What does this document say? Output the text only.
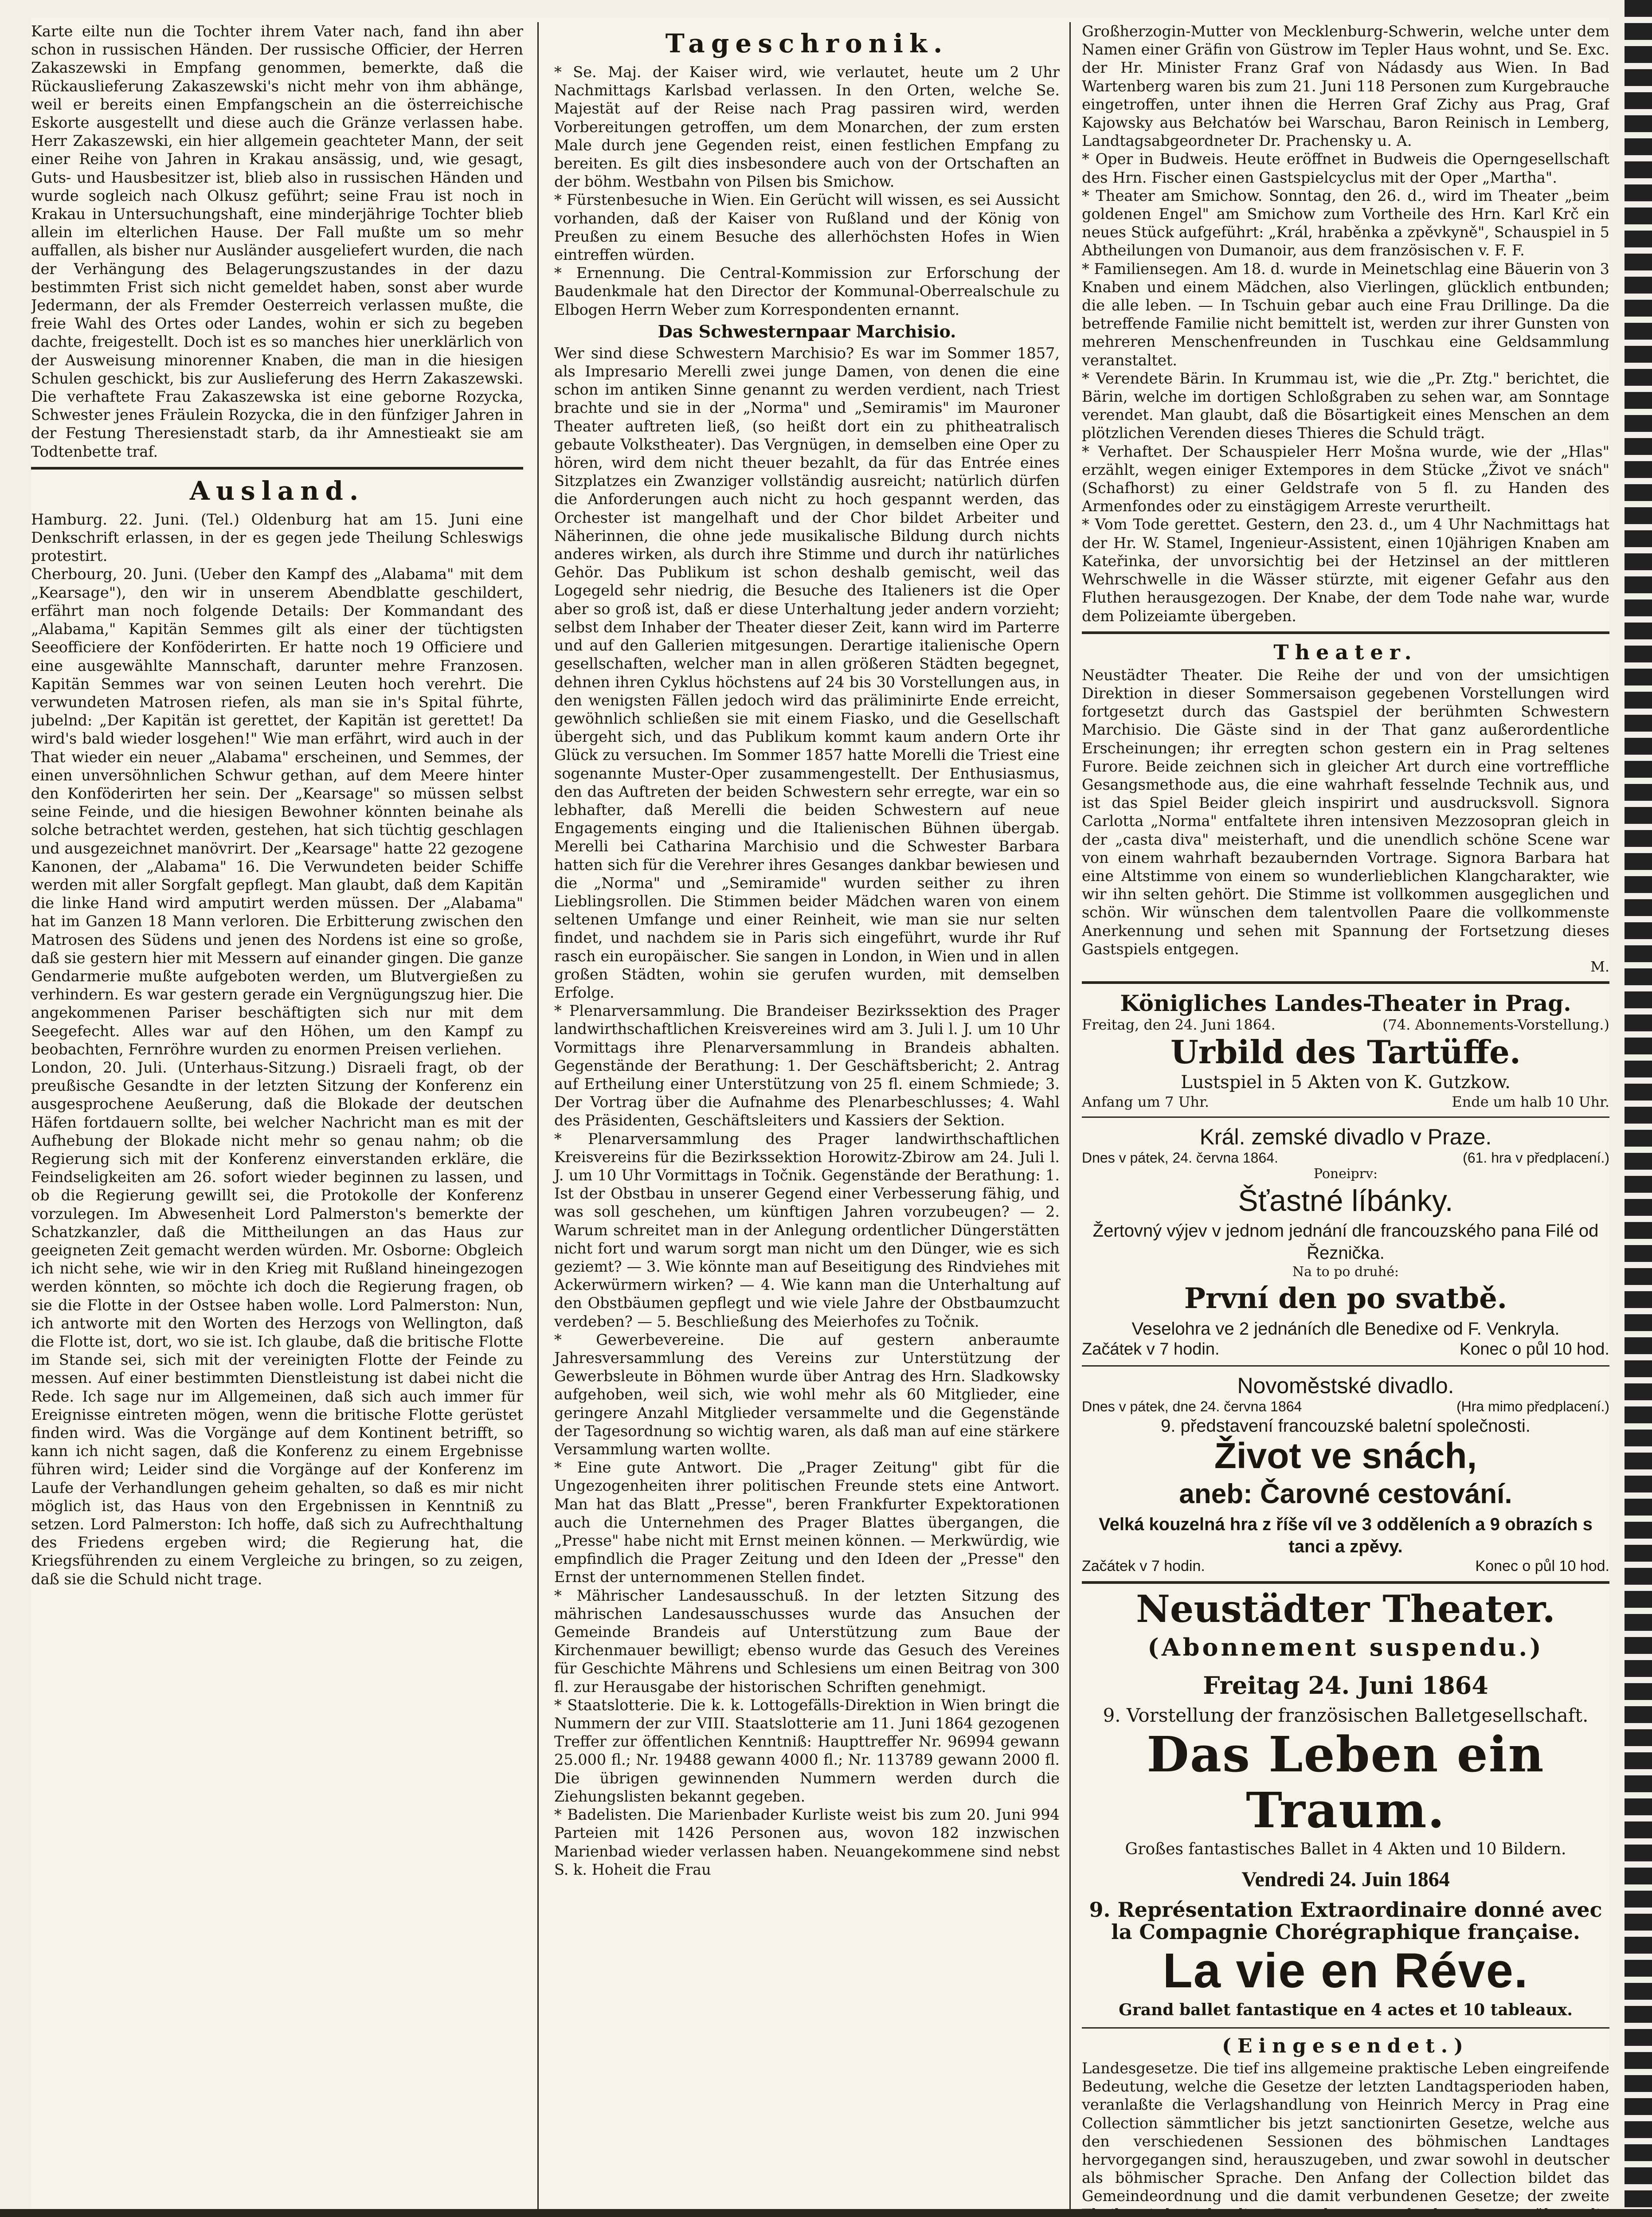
Karte eilte nun die Tochter ihrem Vater nach, fand ihn aber schon in russischen Händen. Der russische Officier, der Herren Zakaszewski in Empfang genommen, bemerkte, daß die Rückauslieferung Zakaszewski's nicht mehr von ihm abhänge, weil er bereits einen Empfangschein an die österreichische Eskorte ausgestellt und diese auch die Gränze verlassen habe. Herr Zakaszewski, ein hier allgemein geachteter Mann, der seit einer Reihe von Jahren in Krakau ansässig, und, wie gesagt, Guts- und Hausbesitzer ist, blieb also in russischen Händen und wurde sogleich nach Olkusz geführt; seine Frau ist noch in Krakau in Untersuchungshaft, eine minderjährige Tochter blieb allein im elterlichen Hause. Der Fall mußte um so mehr auffallen, als bisher nur Ausländer ausgeliefert wurden, die nach der Verhängung des Belagerungszustandes in der dazu bestimmten Frist sich nicht gemeldet haben, sonst aber wurde Jedermann, der als Fremder Oesterreich verlassen mußte, die freie Wahl des Ortes oder Landes, wohin er sich zu begeben dachte, freigestellt. Doch ist es so manches hier unerklärlich von der Ausweisung minorenner Knaben, die man in die hiesigen Schulen geschickt, bis zur Auslieferung des Herrn Zakaszewski. Die verhaftete Frau Zakaszewska ist eine geborne Rozycka, Schwester jenes Fräulein Rozycka, die in den fünfziger Jahren in der Festung Theresienstadt starb, da ihr Amnestieakt sie am Todtenbette traf.

Ausland.

Hamburg. 22. Juni. (Tel.) Oldenburg hat am 15. Juni eine Denkschrift erlassen, in der es gegen jede Theilung Schleswigs protestirt.

Cherbourg, 20. Juni. (Ueber den Kampf des „Alabama" mit dem „Kearsage"), den wir in unserem Abendblatte geschildert, erfährt man noch folgende Details: Der Kommandant des „Alabama," Kapitän Semmes gilt als einer der tüchtigsten Seeofficiere der Konföderirten. Er hatte noch 19 Officiere und eine ausgewählte Mannschaft, darunter mehre Franzosen. Kapitän Semmes war von seinen Leuten hoch verehrt. Die verwundeten Matrosen riefen, als man sie in's Spital führte, jubelnd: „Der Kapitän ist gerettet, der Kapitän ist gerettet! Da wird's bald wieder losgehen!" Wie man erfährt, wird auch in der That wieder ein neuer „Alabama" erscheinen, und Semmes, der einen unversöhnlichen Schwur gethan, auf dem Meere hinter den Konföderirten her sein. Der „Kearsage" so müssen selbst seine Feinde, und die hiesigen Bewohner könnten beinahe als solche betrachtet werden, gestehen, hat sich tüchtig geschlagen und ausgezeichnet manövrirt. Der „Kearsage" hatte 22 gezogene Kanonen, der „Alabama" 16. Die Verwundeten beider Schiffe werden mit aller Sorgfalt gepflegt. Man glaubt, daß dem Kapitän die linke Hand wird amputirt werden müssen. Der „Alabama" hat im Ganzen 18 Mann verloren. Die Erbitterung zwischen den Matrosen des Südens und jenen des Nordens ist eine so große, daß sie gestern hier mit Messern auf einander gingen. Die ganze Gendarmerie mußte aufgeboten werden, um Blutvergießen zu verhindern. Es war gestern gerade ein Vergnügungszug hier. Die angekommenen Pariser beschäftigten sich nur mit dem Seegefecht. Alles war auf den Höhen, um den Kampf zu beobachten, Fernröhre wurden zu enormen Preisen verliehen.

London, 20. Juli. (Unterhaus-Sitzung.) Disraeli fragt, ob der preußische Gesandte in der letzten Sitzung der Konferenz ein ausgesprochene Aeußerung, daß die Blokade der deutschen Häfen fortdauern sollte, bei welcher Nachricht man es mit der Aufhebung der Blokade nicht mehr so genau nahm; ob die Regierung sich mit der Konferenz einverstanden erkläre, die Feindseligkeiten am 26. sofort wieder beginnen zu lassen, und ob die Regierung gewillt sei, die Protokolle der Konferenz vorzulegen. Im Abwesenheit Lord Palmerston's bemerkte der Schatzkanzler, daß die Mittheilungen an das Haus zur geeigneten Zeit gemacht werden würden. Mr. Osborne: Obgleich ich nicht sehe, wie wir in den Krieg mit Rußland hineingezogen werden könnten, so möchte ich doch die Regierung fragen, ob sie die Flotte in der Ostsee haben wolle. Lord Palmerston: Nun, ich antworte mit den Worten des Herzogs von Wellington, daß die Flotte ist, dort, wo sie ist. Ich glaube, daß die britische Flotte im Stande sei, sich mit der vereinigten Flotte der Feinde zu messen. Auf einer bestimmten Dienstleistung ist dabei nicht die Rede. Ich sage nur im Allgemeinen, daß sich auch immer für Ereignisse eintreten mögen, wenn die britische Flotte gerüstet finden wird. Was die Vorgänge auf dem Kontinent betrifft, so kann ich nicht sagen, daß die Konferenz zu einem Ergebnisse führen wird; Leider sind die Vorgänge auf der Konferenz im Laufe der Verhandlungen geheim gehalten, so daß es mir nicht möglich ist, das Haus von den Ergebnissen in Kenntniß zu setzen. Lord Palmerston: Ich hoffe, daß sich zu Aufrechthaltung des Friedens ergeben wird; die Regierung hat, die Kriegsführenden zu einem Vergleiche zu bringen, so zu zeigen, daß sie die Schuld nicht trage.

Tageschronik.

* Se. Maj. der Kaiser wird, wie verlautet, heute um 2 Uhr Nachmittags Karlsbad verlassen. In den Orten, welche Se. Majestät auf der Reise nach Prag passiren wird, werden Vorbereitungen getroffen, um dem Monarchen, der zum ersten Male durch jene Gegenden reist, einen festlichen Empfang zu bereiten. Es gilt dies insbesondere auch von der Ortschaften an der böhm. Westbahn von Pilsen bis Smichow.

* Fürstenbesuche in Wien. Ein Gerücht will wissen, es sei Aussicht vorhanden, daß der Kaiser von Rußland und der König von Preußen zu einem Besuche des allerhöchsten Hofes in Wien eintreffen würden.

* Ernennung. Die Central-Kommission zur Erforschung der Baudenkmale hat den Director der Kommunal-Oberrealschule zu Elbogen Herrn Weber zum Korrespondenten ernannt.

Das Schwesternpaar Marchisio.

Wer sind diese Schwestern Marchisio? Es war im Sommer 1857, als Impresario Merelli zwei junge Damen, von denen die eine schon im antiken Sinne genannt zu werden verdient, nach Triest brachte und sie in der „Norma" und „Semiramis" im Mauroner Theater auftreten ließ, (so heißt dort ein zu phitheatralisch gebaute Volkstheater). Das Vergnügen, in demselben eine Oper zu hören, wird dem nicht theuer bezahlt, da für das Entrée eines Sitzplatzes ein Zwanziger vollständig ausreicht; natürlich dürfen die Anforderungen auch nicht zu hoch gespannt werden, das Orchester ist mangelhaft und der Chor bildet Arbeiter und Näherinnen, die ohne jede musikalische Bildung durch nichts anderes wirken, als durch ihre Stimme und durch ihr natürliches Gehör. Das Publikum ist schon deshalb gemischt, weil das Logegeld sehr niedrig, die Besuche des Italieners ist die Oper aber so groß ist, daß er diese Unterhaltung jeder andern vorzieht; selbst dem Inhaber der Theater dieser Zeit, kann wird im Parterre und auf den Gallerien mitgesungen. Derartige italienische Opern gesellschaften, welcher man in allen größeren Städten begegnet, dehnen ihren Cyklus höchstens auf 24 bis 30 Vorstellungen aus, in den wenigsten Fällen jedoch wird das präliminirte Ende erreicht, gewöhnlich schließen sie mit einem Fiasko, und die Gesellschaft übergeht sich, und das Publikum kommt kaum andern Orte ihr Glück zu versuchen. Im Sommer 1857 hatte Morelli die Triest eine sogenannte Muster-Oper zusammengestellt. Der Enthusiasmus, den das Auftreten der beiden Schwestern sehr erregte, war ein so lebhafter, daß Merelli die beiden Schwestern auf neue Engagements einging und die Italienischen Bühnen übergab. Merelli bei Catharina Marchisio und die Schwester Barbara hatten sich für die Verehrer ihres Gesanges dankbar bewiesen und die „Norma" und „Semiramide" wurden seither zu ihren Lieblingsrollen. Die Stimmen beider Mädchen waren von einem seltenen Umfange und einer Reinheit, wie man sie nur selten findet, und nachdem sie in Paris sich eingeführt, wurde ihr Ruf rasch ein europäischer. Sie sangen in London, in Wien und in allen großen Städten, wohin sie gerufen wurden, mit demselben Erfolge.

* Plenarversammlung. Die Brandeiser Bezirkssektion des Prager landwirthschaftlichen Kreisvereines wird am 3. Juli l. J. um 10 Uhr Vormittags ihre Plenarversammlung in Brandeis abhalten. Gegenstände der Berathung: 1. Der Geschäftsbericht; 2. Antrag auf Ertheilung einer Unterstützung von 25 fl. einem Schmiede; 3. Der Vortrag über die Aufnahme des Plenarbeschlusses; 4. Wahl des Präsidenten, Geschäftsleiters und Kassiers der Sektion.

* Plenarversammlung des Prager landwirthschaftlichen Kreisvereins für die Bezirkssektion Horowitz-Zbirow am 24. Juli l. J. um 10 Uhr Vormittags in Točnik. Gegenstände der Berathung: 1. Ist der Obstbau in unserer Gegend einer Verbesserung fähig, und was soll geschehen, um künftigen Jahren vorzubeugen? — 2. Warum schreitet man in der Anlegung ordentlicher Düngerstätten nicht fort und warum sorgt man nicht um den Dünger, wie es sich geziemt? — 3. Wie könnte man auf Beseitigung des Rindviehes mit Ackerwürmern wirken? — 4. Wie kann man die Unterhaltung auf den Obstbäumen gepflegt und wie viele Jahre der Obstbaumzucht verdeben? — 5. Beschließung des Meierhofes zu Točnik.

* Gewerbevereine. Die auf gestern anberaumte Jahresversammlung des Vereins zur Unterstützung der Gewerbsleute in Böhmen wurde über Antrag des Hrn. Sladkowsky aufgehoben, weil sich, wie wohl mehr als 60 Mitglieder, eine geringere Anzahl Mitglieder versammelte und die Gegenstände der Tagesordnung so wichtig waren, als daß man auf eine stärkere Versammlung warten wollte.

* Eine gute Antwort. Die „Prager Zeitung" gibt für die Ungezogenheiten ihrer politischen Freunde stets eine Antwort. Man hat das Blatt „Presse", beren Frankfurter Expektorationen auch die Unternehmen des Prager Blattes übergangen, die „Presse" habe nicht mit Ernst meinen können. — Merkwürdig, wie empfindlich die Prager Zeitung und den Ideen der „Presse" den Ernst der unternommenen Stellen findet.

* Mährischer Landesausschuß. In der letzten Sitzung des mährischen Landesausschusses wurde das Ansuchen der Gemeinde Brandeis auf Unterstützung zum Baue der Kirchenmauer bewilligt; ebenso wurde das Gesuch des Vereines für Geschichte Mährens und Schlesiens um einen Beitrag von 300 fl. zur Herausgabe der historischen Schriften genehmigt.

* Staatslotterie. Die k. k. Lottogefälls-Direktion in Wien bringt die Nummern der zur VIII. Staatslotterie am 11. Juni 1864 gezogenen Treffer zur öffentlichen Kenntniß: Haupttreffer Nr. 96994 gewann 25.000 fl.; Nr. 19488 gewann 4000 fl.; Nr. 113789 gewann 2000 fl. Die übrigen gewinnenden Nummern werden durch die Ziehungslisten bekannt gegeben.

* Badelisten. Die Marienbader Kurliste weist bis zum 20. Juni 994 Parteien mit 1426 Personen aus, wovon 182 inzwischen Marienbad wieder verlassen haben. Neuangekommene sind nebst S. k. Hoheit die Frau

Großherzogin-Mutter von Mecklenburg-Schwerin, welche unter dem Namen einer Gräfin von Güstrow im Tepler Haus wohnt, und Se. Exc. der Hr. Minister Franz Graf von Nádasdy aus Wien. In Bad Wartenberg waren bis zum 21. Juni 118 Personen zum Kurgebrauche eingetroffen, unter ihnen die Herren Graf Zichy aus Prag, Graf Kajowsky aus Bełchatów bei Warschau, Baron Reinisch in Lemberg, Landtagsabgeordneter Dr. Prachensky u. A.

* Oper in Budweis. Heute eröffnet in Budweis die Operngesellschaft des Hrn. Fischer einen Gastspielcyclus mit der Oper „Martha".

* Theater am Smichow. Sonntag, den 26. d., wird im Theater „beim goldenen Engel" am Smichow zum Vortheile des Hrn. Karl Krč ein neues Stück aufgeführt: „Král, hraběnka a zpěvkyně", Schauspiel in 5 Abtheilungen von Dumanoir, aus dem französischen v. F. F.

* Familiensegen. Am 18. d. wurde in Meinetschlag eine Bäuerin von 3 Knaben und einem Mädchen, also Vierlingen, glücklich entbunden; die alle leben. — In Tschuin gebar auch eine Frau Drillinge. Da die betreffende Familie nicht bemittelt ist, werden zur ihrer Gunsten von mehreren Menschenfreunden in Tuschkau eine Geldsammlung veranstaltet.

* Verendete Bärin. In Krummau ist, wie die „Pr. Ztg." berichtet, die Bärin, welche im dortigen Schloßgraben zu sehen war, am Sonntage verendet. Man glaubt, daß die Bösartigkeit eines Menschen an dem plötzlichen Verenden dieses Thieres die Schuld trägt.

* Verhaftet. Der Schauspieler Herr Mošna wurde, wie der „Hlas" erzählt, wegen einiger Extempores in dem Stücke „Život ve snách" (Schafhorst) zu einer Geldstrafe von 5 fl. zu Handen des Armenfondes oder zu einstägigem Arreste verurtheilt.

* Vom Tode gerettet. Gestern, den 23. d., um 4 Uhr Nachmittags hat der Hr. W. Stamel, Ingenieur-Assistent, einen 10jährigen Knaben am Kateřinka, der unvorsichtig bei der Hetzinsel an der mittleren Wehrschwelle in die Wässer stürzte, mit eigener Gefahr aus den Fluthen herausgezogen. Der Knabe, der dem Tode nahe war, wurde dem Polizeiamte übergeben.

Theater.

Neustädter Theater. Die Reihe der und von der umsichtigen Direktion in dieser Sommersaison gegebenen Vorstellungen wird fortgesetzt durch das Gastspiel der berühmten Schwestern Marchisio. Die Gäste sind in der That ganz außerordentliche Erscheinungen; ihr erregten schon gestern ein in Prag seltenes Furore. Beide zeichnen sich in gleicher Art durch eine vortreffliche Gesangsmethode aus, die eine wahrhaft fesselnde Technik aus, und ist das Spiel Beider gleich inspirirt und ausdrucksvoll. Signora Carlotta „Norma" entfaltete ihren intensiven Mezzosopran gleich in der „casta diva" meisterhaft, und die unendlich schöne Scene war von einem wahrhaft bezaubernden Vortrage. Signora Barbara hat eine Altstimme von einem so wunderlieblichen Klangcharakter, wie wir ihn selten gehört. Die Stimme ist vollkommen ausgeglichen und schön. Wir wünschen dem talentvollen Paare die vollkommenste Anerkennung und sehen mit Spannung der Fortsetzung dieses Gastspiels entgegen.

M.
Königliches Landes-Theater in Prag.
Freitag, den 24. Juni 1864.	(74. Abonnements-Vorstellung.)
Urbild des Tartüffe.
Lustspiel in 5 Akten von K. Gutzkow.
Anfang um 7 Uhr.	Ende um halb 10 Uhr.
Král. zemské divadlo v Praze.
Dnes v pátek, 24. června 1864.	(61. hra v předplacení.)
Poneiprv:
Šťastné líbánky.
Žertovný výjev v jednom jednání dle francouzského pana Filé od Řeznička.
Na to po druhé:
První den po svatbě.
Veselohra ve 2 jednáních dle Benedixe od F. Venkryla.
Začátek v 7 hodin.	Konec o půl 10 hod.
Novoměstské divadlo.
Dnes v pátek, dne 24. června 1864	(Hra mimo předplacení.)
9. představení francouzské baletní společnosti.
Život ve snách,
aneb: Čarovné cestování.
Velká kouzelná hra z říše víl ve 3 odděleních a 9 obrazích s tanci a zpěvy.
Začátek v 7 hodin.	Konec o půl 10 hod.
Neustädter Theater.
(Abonnement suspendu.)
Freitag 24. Juni 1864
9. Vorstellung der französischen Balletgesellschaft.
Das Leben ein Traum.
Großes fantastisches Ballet in 4 Akten und 10 Bildern.
Vendredi 24. Juin 1864
9. Représentation Extraordinaire donné avec la Compagnie Chorégraphique française.
La vie en Réve.
Grand ballet fantastique en 4 actes et 10 tableaux.
(Eingesendet.)

Landesgesetze. Die tief ins allgemeine praktische Leben eingreifende Bedeutung, welche die Gesetze der letzten Landtagsperioden haben, veranlaßte die Verlagshandlung von Heinrich Mercy in Prag eine Collection sämmtlicher bis jetzt sanctionirten Gesetze, welche aus den verschiedenen Sessionen des böhmischen Landtages hervorgegangen sind, herauszugeben, und zwar sowohl in deutscher als böhmischer Sprache. Den Anfang der Collection bildet das Gemeindeordnung und die damit verbundenen Gesetze; der zweite
